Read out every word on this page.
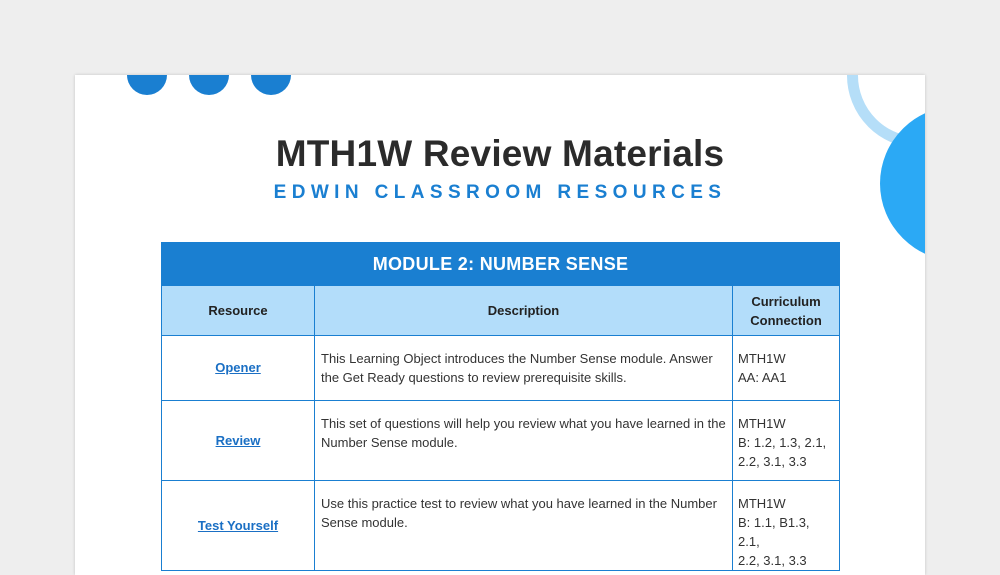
MTH1W Review Materials
EDWIN CLASSROOM RESOURCES
MODULE 2: NUMBER SENSE		
Resource	Description	Curriculum
Connection

Opener	This Learning Object introduces the Number Sense module. Answer the Get Ready questions to review prerequisite skills.	MTH1W
AA: AA1

Review	This set of questions will help you review what you have learned in the Number Sense module.	MTH1W
B: 1.2, 1.3, 2.1,
2.2, 3.1, 3.3

Test Yourself	Use this practice test to review what you have learned in the Number Sense module.	MTH1W
B: 1.1, B1.3, 2.1,
2.2, 3.1, 3.3
